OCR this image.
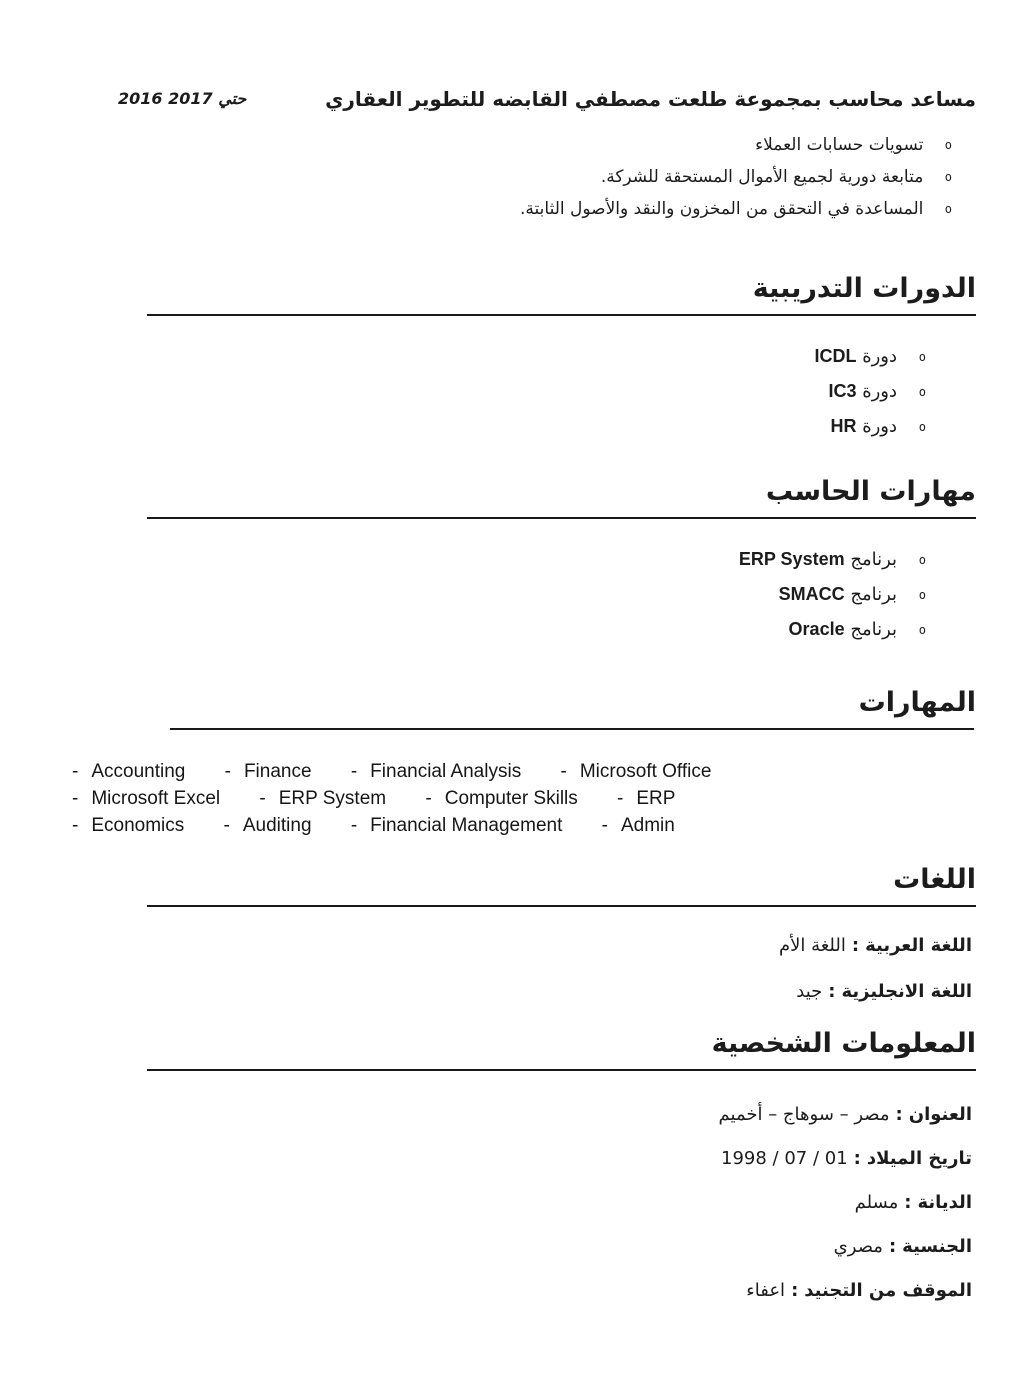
مساعد محاسب بمجموعة طلعت مصطفي القابضه للتطوير العقاري
2016 حتي 2017
o تسويات حسابات العملاء
o متابعة دورية لجميع الأموال المستحقة للشركة.
o المساعدة في التحقق من المخزون والنقد والأصول الثابتة.
الدورات التدريبية
o دورة ICDL
o دورة IC3
o دورة HR
مهارات الحاسب
o برنامج ERP System
o برنامج SMACC
o برنامج Oracle
المهارات
- Accounting - Finance - Financial Analysis - Microsoft Office
- Microsoft Excel - ERP System - Computer Skills - ERP
- Economics - Auditing - Financial Management - Admin
اللغات
اللغة العربية:اللغة الأم
اللغة الانجليزية:جيد
المعلومات الشخصية
العنوان:مصر – سوهاج – أخميم
تاريخ الميلاد:01 / 07 / 1998
الديانة:مسلم
الجنسية:مصري
الموقف من التجنيد:اعفاء
